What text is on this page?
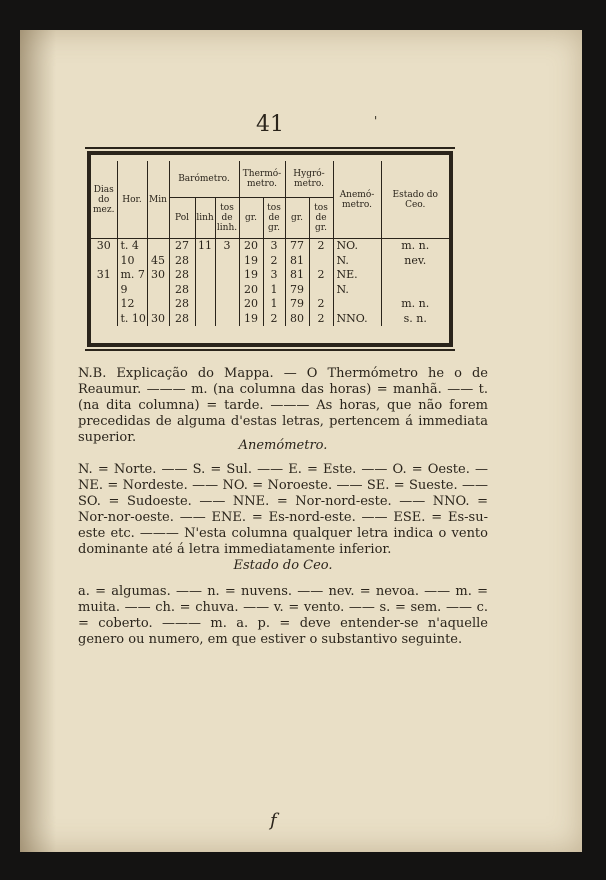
41	'
Dias do mez.	Hor.	Min	Barómetro.			Thermó-metro.		Hygró-metro.		Anemó-metro.	Estado do Ceo.
			Pol	linh	tos de linh.	gr.	tos de gr.	gr.	tos de gr.		
30	t. 4		27	11	3	20	3	77	2	NO.	m. n.
	10	45	28			19	2	81		N.	nev.
31	m. 7	30	28			19	3	81	2	NE.	
	9		28			20	1	79		N.	
	12		28			20	1	79	2		m. n.
	t. 10	30	28			19	2	80	2	NNO.	s. n.
N.B. Explicação do Mappa. — O Thermómetro he o de Reaumur. ——— m. (na columna das horas) = manhã. —— t. (na dita columna) = tarde. ——— As horas, que não forem precedidas de alguma d'estas letras, pertencem á immediata superior.
Anemómetro.
N. = Norte. —— S. = Sul. —— E. = Este. —— O. = Oeste. — NE. = Nordeste. —— NO. = Noroeste. —— SE. = Sueste. —— SO. = Sudoeste. —— NNE. = Nor-nord-este. —— NNO. = Nor-nor-oeste. —— ENE. = Es-nord-este. —— ESE. = Es-su-este etc. ——— N'esta columna qualquer letra indica o vento dominante até á letra immediatamente inferior.
Estado do Ceo.
a. = algumas. —— n. = nuvens. —— nev. = nevoa. —— m. = muita. —— ch. = chuva. —— v. = vento. —— s. = sem. —— c. = coberto. ——— m. a. p. = deve entender-se n'aquelle genero ou numero, em que estiver o substantivo seguinte.
f
